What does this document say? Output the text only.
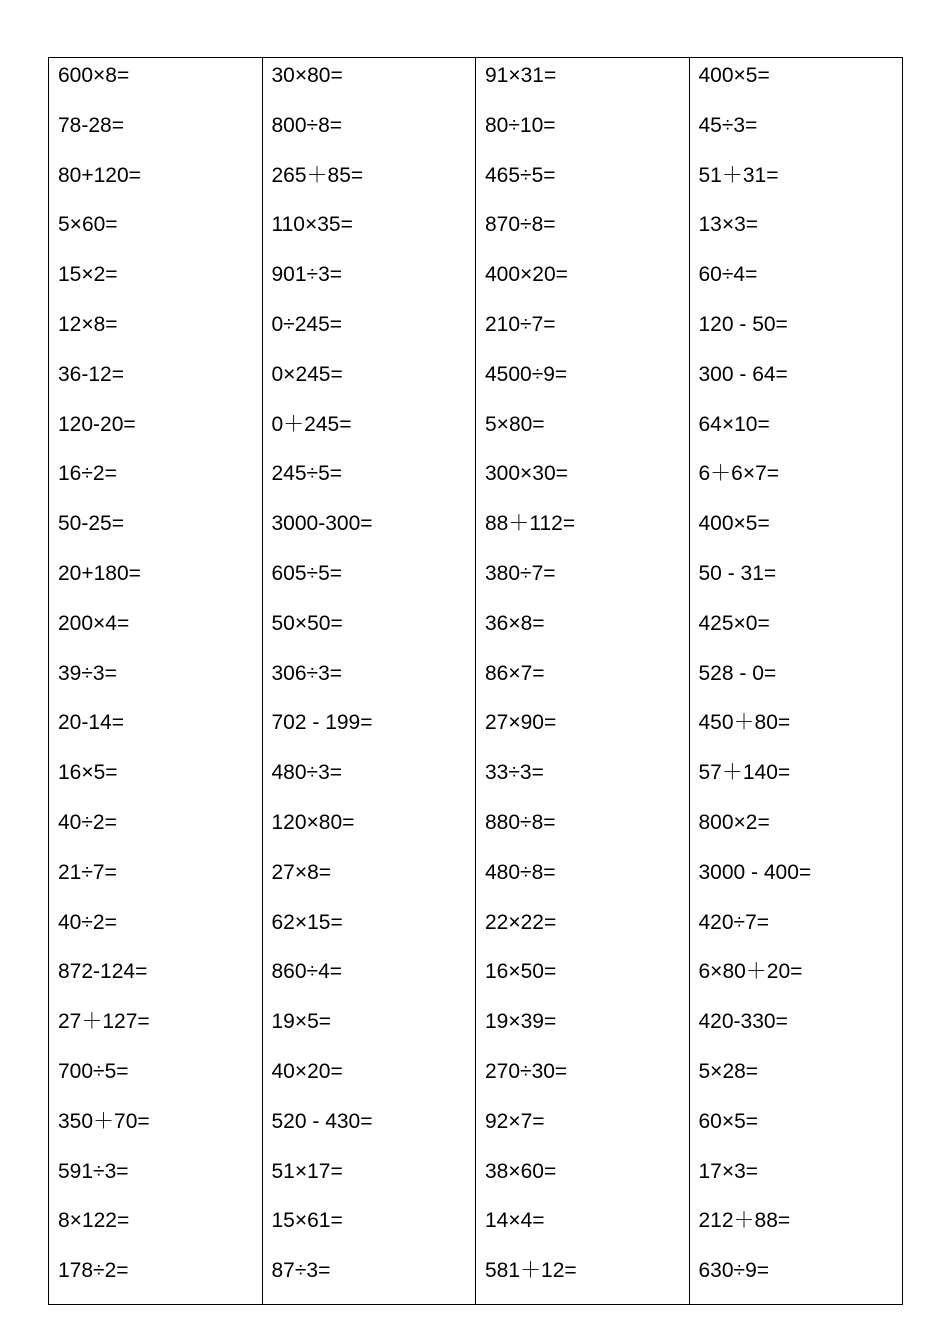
600×8=
78-28=
80+120=
5×60=
15×2=
12×8=
36-12=
120-20=
16÷2=
50-25=
20+180=
200×4=
39÷3=
20-14=
16×5=
40÷2=
21÷7=
40÷2=
872-124=
27＋127=
700÷5=
350＋70=
591÷3=
8×122=
178÷2=
30×80=
800÷8=
265＋85=
110×35=
901÷3=
0÷245=
0×245=
0＋245=
245÷5=
3000-300=
605÷5=
50×50=
306÷3=
702 - 199=
480÷3=
120×80=
27×8=
62×15=
860÷4=
19×5=
40×20=
520 - 430=
51×17=
15×61=
87÷3=
91×31=
80÷10=
465÷5=
870÷8=
400×20=
210÷7=
4500÷9=
5×80=
300×30=
88＋112=
380÷7=
36×8=
86×7=
27×90=
33÷3=
880÷8=
480÷8=
22×22=
16×50=
19×39=
270÷30=
92×7=
38×60=
14×4=
581＋12=
400×5=
45÷3=
51＋31=
13×3=
60÷4=
120 - 50=
300 - 64=
64×10=
6＋6×7=
400×5=
50 - 31=
425×0=
528 - 0=
450＋80=
57＋140=
800×2=
3000 - 400=
420÷7=
6×80＋20=
420-330=
5×28=
60×5=
17×3=
212＋88=
630÷9=
